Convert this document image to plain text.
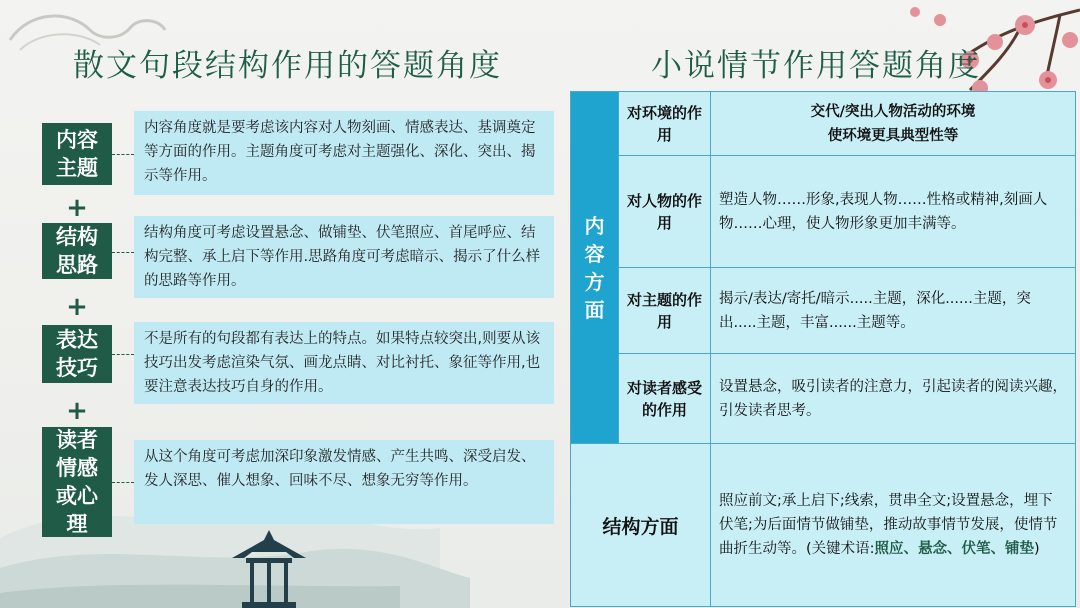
散文句段结构作用的答题角度	小说情节作用答题角度
内容主题
内容角度就是要考虑该内容对人物刻画、情感表达、基调奠定等方面的作用。主题角度可考虑对主题强化、深化、突出、揭示等作用。
+
结构思路
结构角度可考虑设置悬念、做铺垫、伏笔照应、首尾呼应、结构完整、承上启下等作用.思路角度可考虑暗示、揭示了什么样的思路等作用。
+
表达技巧
不是所有的句段都有表达上的特点。如果特点较突出,则要从该技巧出发考虑渲染气氛、画龙点睛、对比衬托、象征等作用,也要注意表达技巧自身的作用。
+
读者情感或心理
从这个角度可考虑加深印象激发情感、产生共鸣、深受启发、发人深思、催人想象、回味不尽、想象无穷等作用。
内容方面	对环境的作用	交代/突出人物活动的环境
使环境更具典型性等

	对人物的作用	塑造人物……形象,表现人物……性格或精神,刻画人物……心理，使人物形象更加丰满等。

	对主题的作用	揭示/表达/寄托/暗示.....主题，深化......主题，突出.....主题，丰富......主题等。

	对读者感受的作用	设置悬念，吸引读者的注意力，引起读者的阅读兴趣，引发读者思考。

结构方面		照应前文;承上启下;线索，贯串全文;设置悬念，埋下伏笔;为后面情节做铺垫，推动故事情节发展，使情节曲折生动等。(关键术语:照应、悬念、伏笔、铺垫)
